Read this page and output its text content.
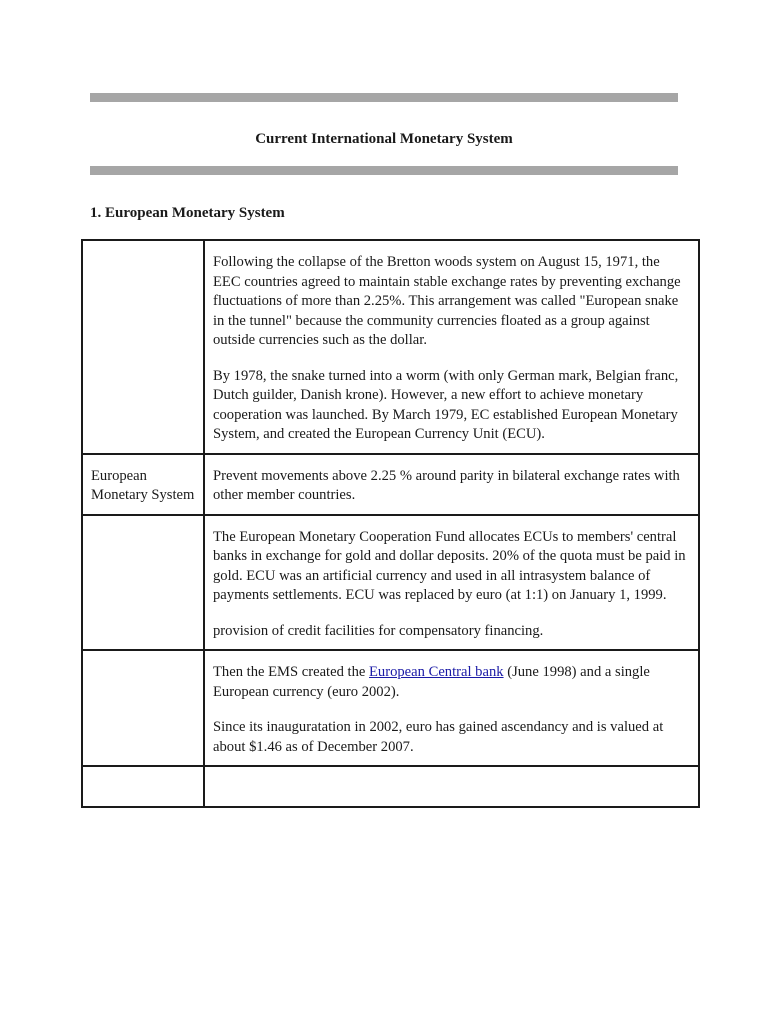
Current International Monetary System
1. European Monetary System

	Following the collapse of the Bretton woods system on August 15, 1971, the EEC countries agreed to maintain stable exchange rates by preventing exchange fluctuations of more than 2.25%. This arrangement was called "European snake in the tunnel" because the community currencies floated as a group against outside currencies such as the dollar.

By 1978, the snake turned into a worm (with only German mark, Belgian franc, Dutch guilder, Danish krone). However, a new effort to achieve monetary cooperation was launched. By March 1979, EC established European Monetary System, and created the European Currency Unit (ECU).

European Monetary System	Prevent movements above 2.25 % around parity in bilateral exchange rates with other member countries.

	The European Monetary Cooperation Fund allocates ECUs to members' central banks in exchange for gold and dollar deposits. 20% of the quota must be paid in gold. ECU was an artificial currency and used in all intrasystem balance of payments settlements. ECU was replaced by euro (at 1:1) on January 1, 1999.

provision of credit facilities for compensatory financing.

	Then the EMS created the European Central bank (June 1998) and a single European currency (euro 2002).

Since its inauguratation in 2002, euro has gained ascendancy and is valued at about $1.46 as of December 2007.
